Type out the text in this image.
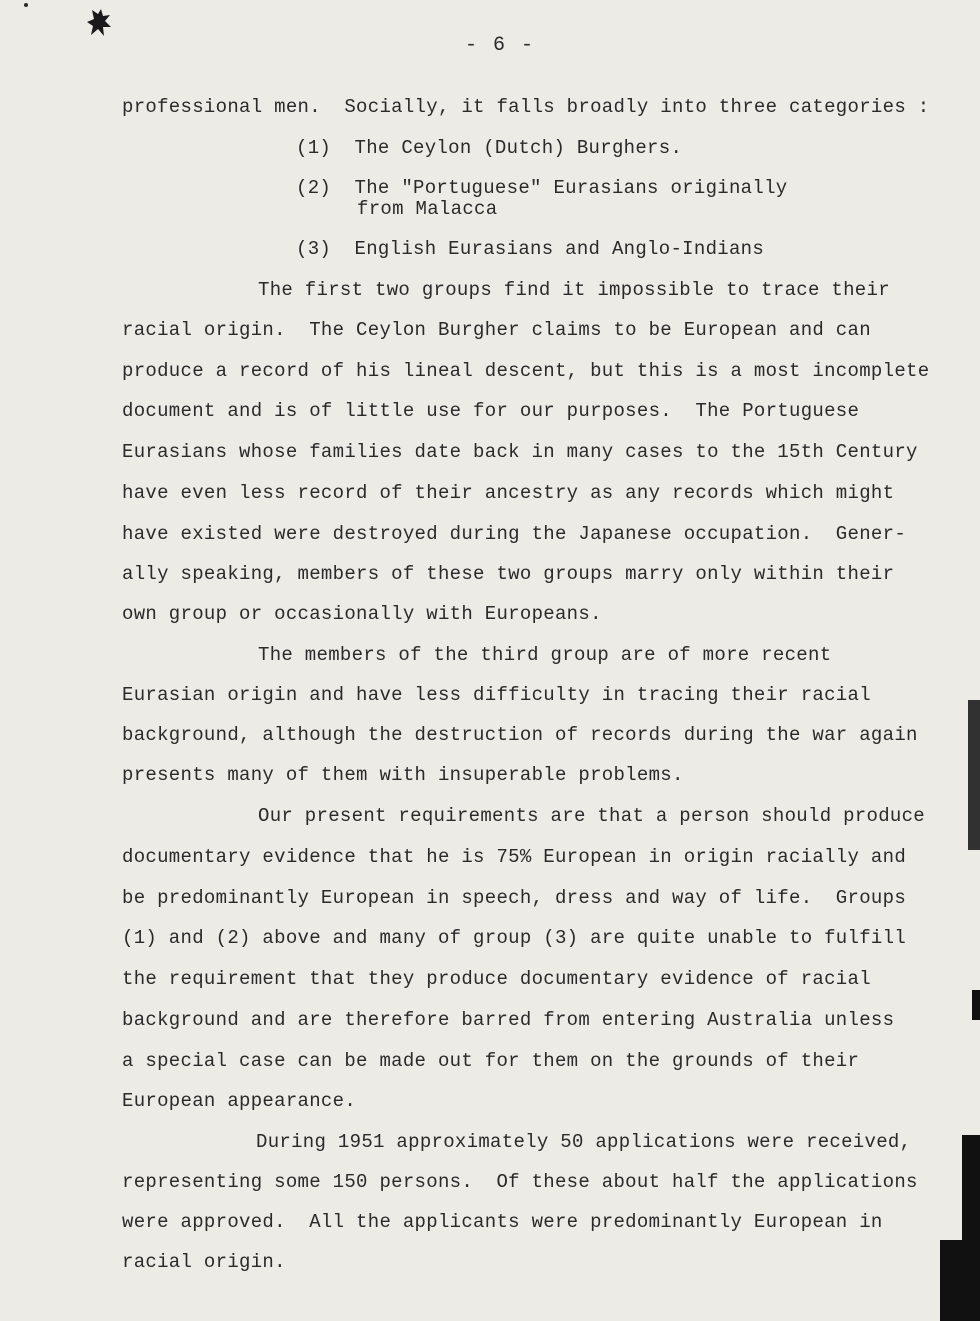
- 6 -
professional men.  Socially, it falls broadly into three categories :
(1)  The Ceylon (Dutch) Burghers.
(2)  The "Portuguese" Eurasians originally
from Malacca
(3)  English Eurasians and Anglo-Indians
The first two groups find it impossible to trace their
racial origin.  The Ceylon Burgher claims to be European and can
produce a record of his lineal descent, but this is a most incomplete
document and is of little use for our purposes.  The Portuguese
Eurasians whose families date back in many cases to the 15th Century
have even less record of their ancestry as any records which might
have existed were destroyed during the Japanese occupation.  Gener-
ally speaking, members of these two groups marry only within their
own group or occasionally with Europeans.
The members of the third group are of more recent
Eurasian origin and have less difficulty in tracing their racial
background, although the destruction of records during the war again
presents many of them with insuperable problems.
Our present requirements are that a person should produce
documentary evidence that he is 75% European in origin racially and
be predominantly European in speech, dress and way of life.  Groups
(1) and (2) above and many of group (3) are quite unable to fulfill
the requirement that they produce documentary evidence of racial
background and are therefore barred from entering Australia unless
a special case can be made out for them on the grounds of their
European appearance.
During 1951 approximately 50 applications were received,
representing some 150 persons.  Of these about half the applications
were approved.  All the applicants were predominantly European in
racial origin.
